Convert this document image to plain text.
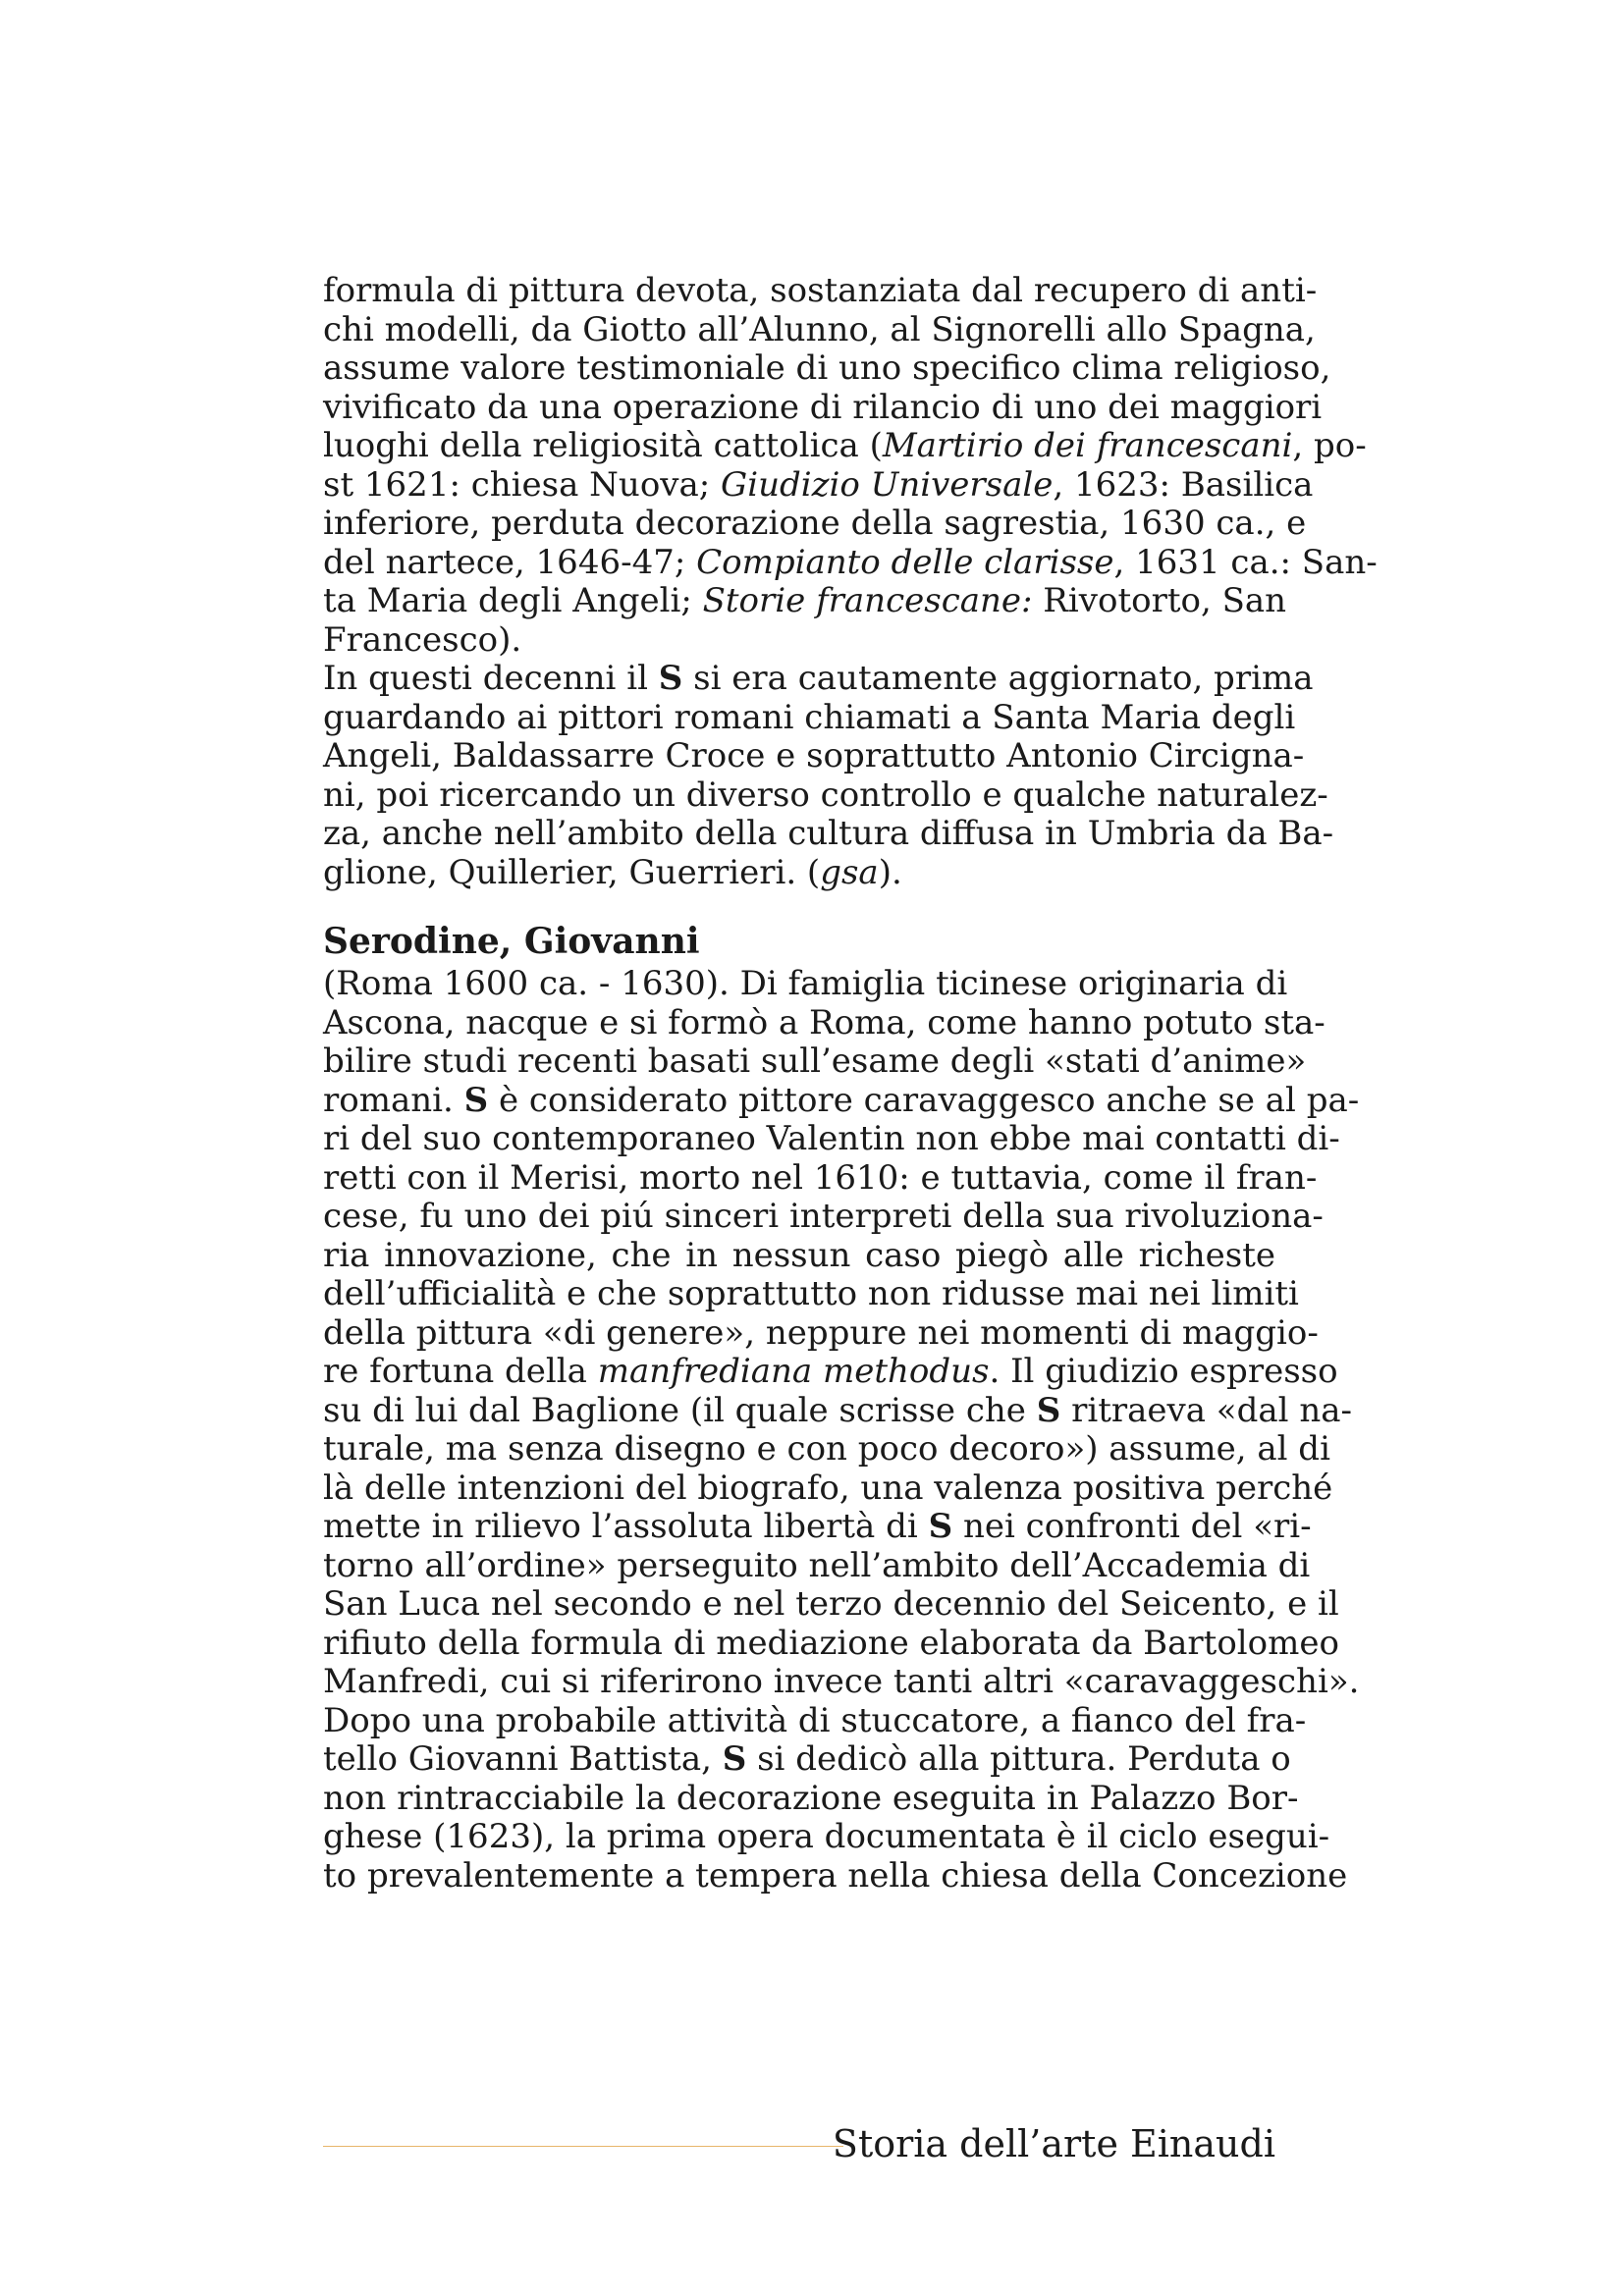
formula di pittura devota, sostanziata dal recupero di anti-
chi modelli, da Giotto all’Alunno, al Signorelli allo Spagna,
assume valore testimoniale di uno specifico clima religioso,
vivificato da una operazione di rilancio di uno dei maggiori
luoghi della religiosità cattolica (Martirio dei francescani, po-
st 1621: chiesa Nuova; Giudizio Universale, 1623: Basilica
inferiore, perduta decorazione della sagrestia, 1630 ca., e
del nartece, 1646-47; Compianto delle clarisse, 1631 ca.: San-
ta Maria degli Angeli; Storie francescane: Rivotorto, San
Francesco).
In questi decenni il S si era cautamente aggiornato, prima
guardando ai pittori romani chiamati a Santa Maria degli
Angeli, Baldassarre Croce e soprattutto Antonio Circigna-
ni, poi ricercando un diverso controllo e qualche naturalez-
za, anche nell’ambito della cultura diffusa in Umbria da Ba-
glione, Quillerier, Guerrieri. (gsa).
Serodine, Giovanni
(Roma 1600 ca. - 1630). Di famiglia ticinese originaria di
Ascona, nacque e si formò a Roma, come hanno potuto sta-
bilire studi recenti basati sull’esame degli «stati d’anime»
romani. S è considerato pittore caravaggesco anche se al pa-
ri del suo contemporaneo Valentin non ebbe mai contatti di-
retti con il Merisi, morto nel 1610: e tuttavia, come il fran-
cese, fu uno dei piú sinceri interpreti della sua rivoluziona-
ria innovazione, che in nessun caso piegò alle richeste
dell’ufficialità e che soprattutto non ridusse mai nei limiti
della pittura «di genere», neppure nei momenti di maggio-
re fortuna della manfrediana methodus. Il giudizio espresso
su di lui dal Baglione (il quale scrisse che S ritraeva «dal na-
turale, ma senza disegno e con poco decoro») assume, al di
là delle intenzioni del biografo, una valenza positiva perché
mette in rilievo l’assoluta libertà di S nei confronti del «ri-
torno all’ordine» perseguito nell’ambito dell’Accademia di
San Luca nel secondo e nel terzo decennio del Seicento, e il
rifiuto della formula di mediazione elaborata da Bartolomeo
Manfredi, cui si riferirono invece tanti altri «caravaggeschi».
Dopo una probabile attività di stuccatore, a fianco del fra-
tello Giovanni Battista, S si dedicò alla pittura. Perduta o
non rintracciabile la decorazione eseguita in Palazzo Bor-
ghese (1623), la prima opera documentata è il ciclo esegui-
to prevalentemente a tempera nella chiesa della Concezione
Storia dell’arte Einaudi
